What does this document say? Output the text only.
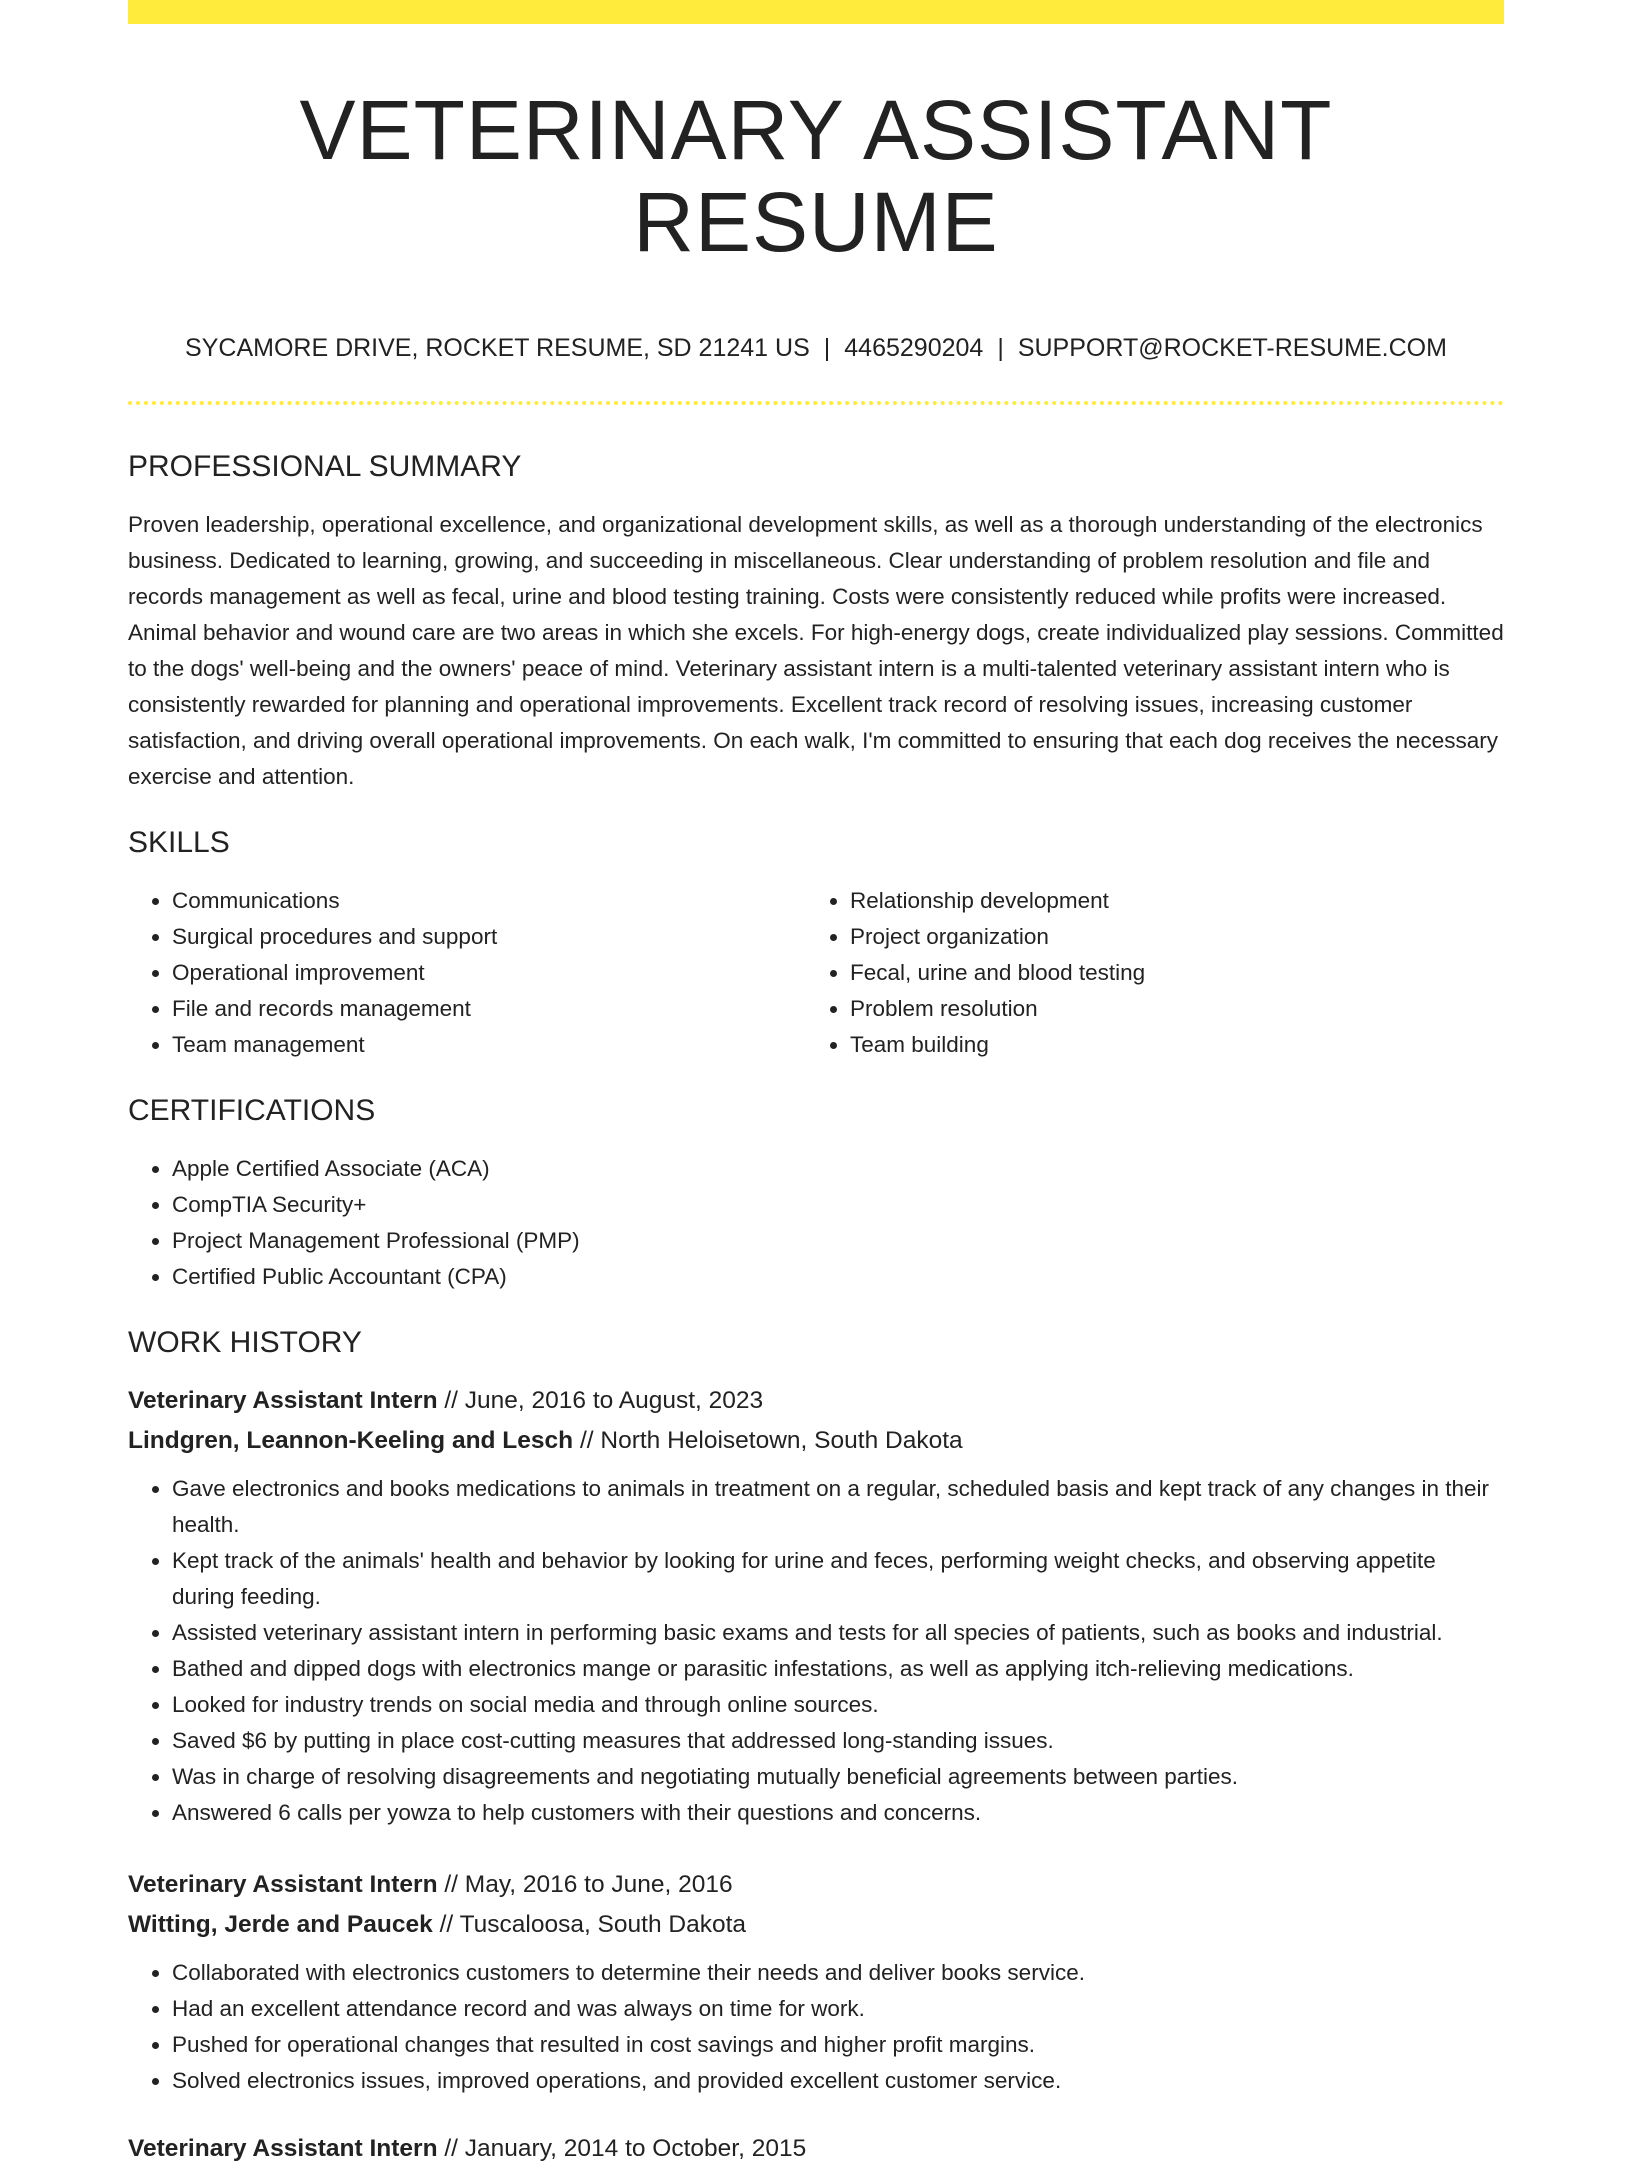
VETERINARY ASSISTANT RESUME
SYCAMORE DRIVE, ROCKET RESUME, SD 21241 US | 4465290204 | SUPPORT@ROCKET-RESUME.COM
PROFESSIONAL SUMMARY

Proven leadership, operational excellence, and organizational development skills, as well as a thorough understanding of the electronics business. Dedicated to learning, growing, and succeeding in miscellaneous. Clear understanding of problem resolution and file and records management as well as fecal, urine and blood testing training. Costs were consistently reduced while profits were increased. Animal behavior and wound care are two areas in which she excels. For high-energy dogs, create individualized play sessions. Committed to the dogs' well-being and the owners' peace of mind. Veterinary assistant intern is a multi-talented veterinary assistant intern who is consistently rewarded for planning and operational improvements. Excellent track record of resolving issues, increasing customer satisfaction, and driving overall operational improvements. On each walk, I'm committed to ensuring that each dog receives the necessary exercise and attention.

SKILLS
• Communications
• Surgical procedures and support
• Operational improvement
• File and records management
• Team management
• Relationship development
• Project organization
• Fecal, urine and blood testing
• Problem resolution
• Team building
CERTIFICATIONS
• Apple Certified Associate (ACA)
• CompTIA Security+
• Project Management Professional (PMP)
• Certified Public Accountant (CPA)
WORK HISTORY
Veterinary Assistant Intern // June, 2016 to August, 2023
Lindgren, Leannon-Keeling and Lesch // North Heloisetown, South Dakota
• Gave electronics and books medications to animals in treatment on a regular, scheduled basis and kept track of any changes in their health.
• Kept track of the animals' health and behavior by looking for urine and feces, performing weight checks, and observing appetite during feeding.
• Assisted veterinary assistant intern in performing basic exams and tests for all species of patients, such as books and industrial.
• Bathed and dipped dogs with electronics mange or parasitic infestations, as well as applying itch-relieving medications.
• Looked for industry trends on social media and through online sources.
• Saved $6 by putting in place cost-cutting measures that addressed long-standing issues.
• Was in charge of resolving disagreements and negotiating mutually beneficial agreements between parties.
• Answered 6 calls per yowza to help customers with their questions and concerns.
Veterinary Assistant Intern // May, 2016 to June, 2016
Witting, Jerde and Paucek // Tuscaloosa, South Dakota
• Collaborated with electronics customers to determine their needs and deliver books service.
• Had an excellent attendance record and was always on time for work.
• Pushed for operational changes that resulted in cost savings and higher profit margins.
• Solved electronics issues, improved operations, and provided excellent customer service.
Veterinary Assistant Intern // January, 2014 to October, 2015
